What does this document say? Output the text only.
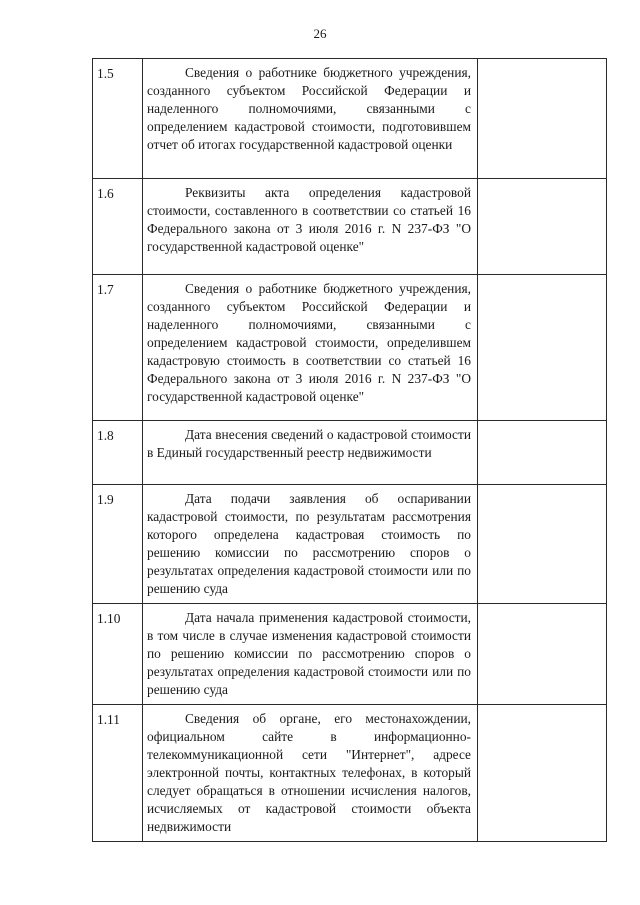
26
1.5	Сведения о работнике бюджетного учреждения, созданного субъектом Российской Федерации и наделенного полномочиями, связанными с определением кадастровой стоимости, подготовившем отчет об итогах государственной кадастровой оценки	
1.6	Реквизиты акта определения кадастровой стоимости, составленного в соответствии со статьей 16 Федерального закона от 3 июля 2016 г. N 237-ФЗ "О государственной кадастровой оценке"	
1.7	Сведения о работнике бюджетного учреждения, созданного субъектом Российской Федерации и наделенного полномочиями, связанными с определением кадастровой стоимости, определившем кадастровую стоимость в соответствии со статьей 16 Федерального закона от 3 июля 2016 г. N 237-ФЗ "О государственной кадастровой оценке"	
1.8	Дата внесения сведений о кадастровой стоимости в Единый государственный реестр недвижимости	
1.9	Дата подачи заявления об оспаривании кадастровой стоимости, по результатам рассмотрения которого определена кадастровая стоимость по решению комиссии по рассмотрению споров о результатах определения кадастровой стоимости или по решению суда	
1.10	Дата начала применения кадастровой стоимости, в том числе в случае изменения кадастровой стоимости по решению комиссии по рассмотрению споров о результатах определения кадастровой стоимости или по решению суда	
1.11	Сведения об органе, его местонахождении, официальном сайте в информационно-телекоммуникационной сети "Интернет", адресе электронной почты, контактных телефонах, в который следует обращаться в отношении исчисления налогов, исчисляемых от кадастровой стоимости объекта недвижимости	
